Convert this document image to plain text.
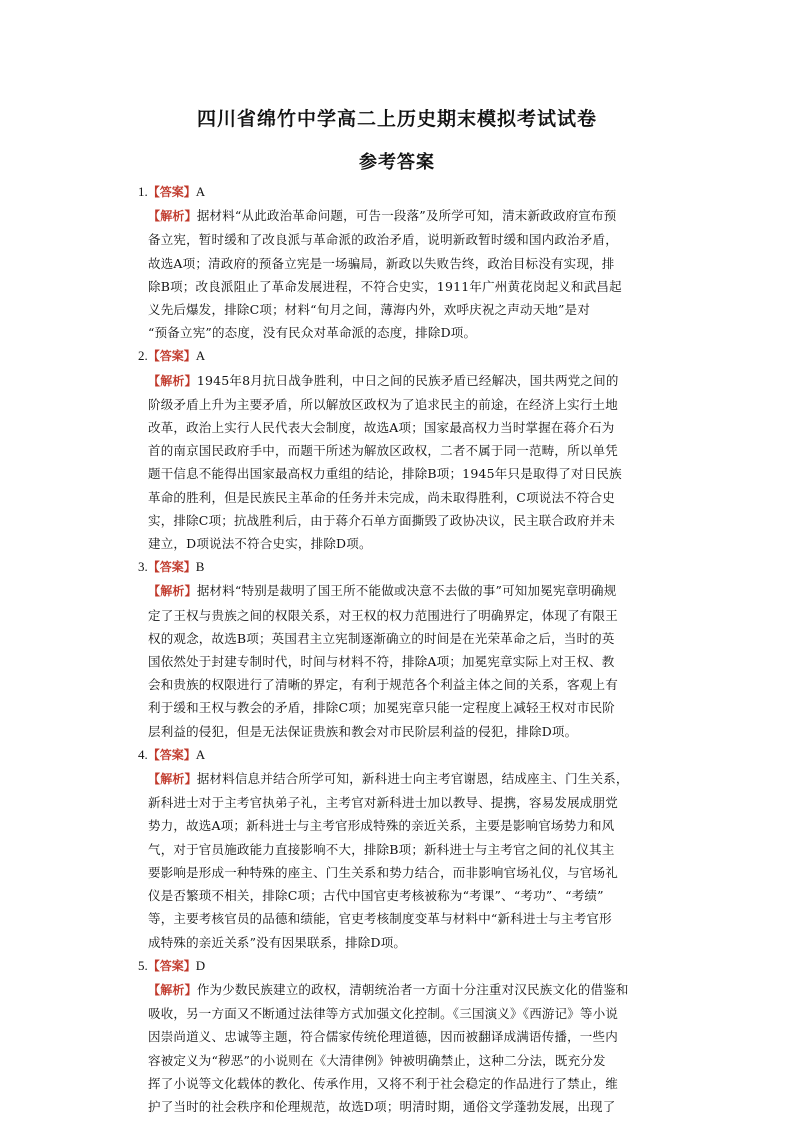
四川省绵竹中学高二上历史期末模拟考试试卷
参考答案
1.【答案】A
【解析】据材料“从此政治革命问题，可告一段落”及所学可知，清末新政政府宣布预
备立宪，暂时缓和了改良派与革命派的政治矛盾，说明新政暂时缓和国内政治矛盾，
故选A项；清政府的预备立宪是一场骗局，新政以失败告终，政治目标没有实现，排
除B项；改良派阻止了革命发展进程，不符合史实，1911年广州黄花岗起义和武昌起
义先后爆发，排除C项；材料“旬月之间，薄海内外，欢呼庆祝之声动天地”是对
“预备立宪”的态度，没有民众对革命派的态度，排除D项。
2.【答案】A
【解析】1945年8月抗日战争胜利，中日之间的民族矛盾已经解决，国共两党之间的
阶级矛盾上升为主要矛盾，所以解放区政权为了追求民主的前途，在经济上实行土地
改革，政治上实行人民代表大会制度，故选A项；国家最高权力当时掌握在蒋介石为
首的南京国民政府手中，而题干所述为解放区政权，二者不属于同一范畴，所以单凭
题干信息不能得出国家最高权力重组的结论，排除B项；1945年只是取得了对日民族
革命的胜利，但是民族民主革命的任务并未完成，尚未取得胜利，C项说法不符合史
实，排除C项；抗战胜利后，由于蒋介石单方面撕毁了政协决议，民主联合政府并未
建立，D项说法不符合史实，排除D项。
3.【答案】B
【解析】据材料“特别是裁明了国王所不能做或决意不去做的事”可知加冕宪章明确规
定了王权与贵族之间的权限关系，对王权的权力范围进行了明确界定，体现了有限王
权的观念，故选B项；英国君主立宪制逐渐确立的时间是在光荣革命之后，当时的英
国依然处于封建专制时代，时间与材料不符，排除A项；加冕宪章实际上对王权、教
会和贵族的权限进行了清晰的界定，有利于规范各个利益主体之间的关系，客观上有
利于缓和王权与教会的矛盾，排除C项；加冕宪章只能一定程度上减轻王权对市民阶
层利益的侵犯，但是无法保证贵族和教会对市民阶层利益的侵犯，排除D项。
4.【答案】A
【解析】据材料信息并结合所学可知，新科进士向主考官谢恩，结成座主、门生关系，
新科进士对于主考官执弟子礼，主考官对新科进士加以教导、提携，容易发展成朋党
势力，故选A项；新科进士与主考官形成特殊的亲近关系，主要是影响官场势力和风
气，对于官员施政能力直接影响不大，排除B项；新科进士与主考官之间的礼仪其主
要影响是形成一种特殊的座主、门生关系和势力结合，而非影响官场礼仪，与官场礼
仪是否繁琐不相关，排除C项；古代中国官吏考核被称为“考课”、“考功”、“考绩”
等，主要考核官员的品德和绩能，官吏考核制度变革与材料中“新科进士与主考官形
成特殊的亲近关系”没有因果联系，排除D项。
5.【答案】D
【解析】作为少数民族建立的政权，清朝统治者一方面十分注重对汉民族文化的借鉴和
吸收，另一方面又不断通过法律等方式加强文化控制。《三国演义》《西游记》等小说
因崇尚道义、忠诚等主题，符合儒家传统伦理道德，因而被翻译成满语传播，一些内
容被定义为“秽恶”的小说则在《大清律例》钟被明确禁止，这种二分法，既充分发
挥了小说等文化载体的教化、传承作用，又将不利于社会稳定的作品进行了禁止，维
护了当时的社会秩序和伦理规范，故选D项；明清时期，通俗文学蓬勃发展，出现了
